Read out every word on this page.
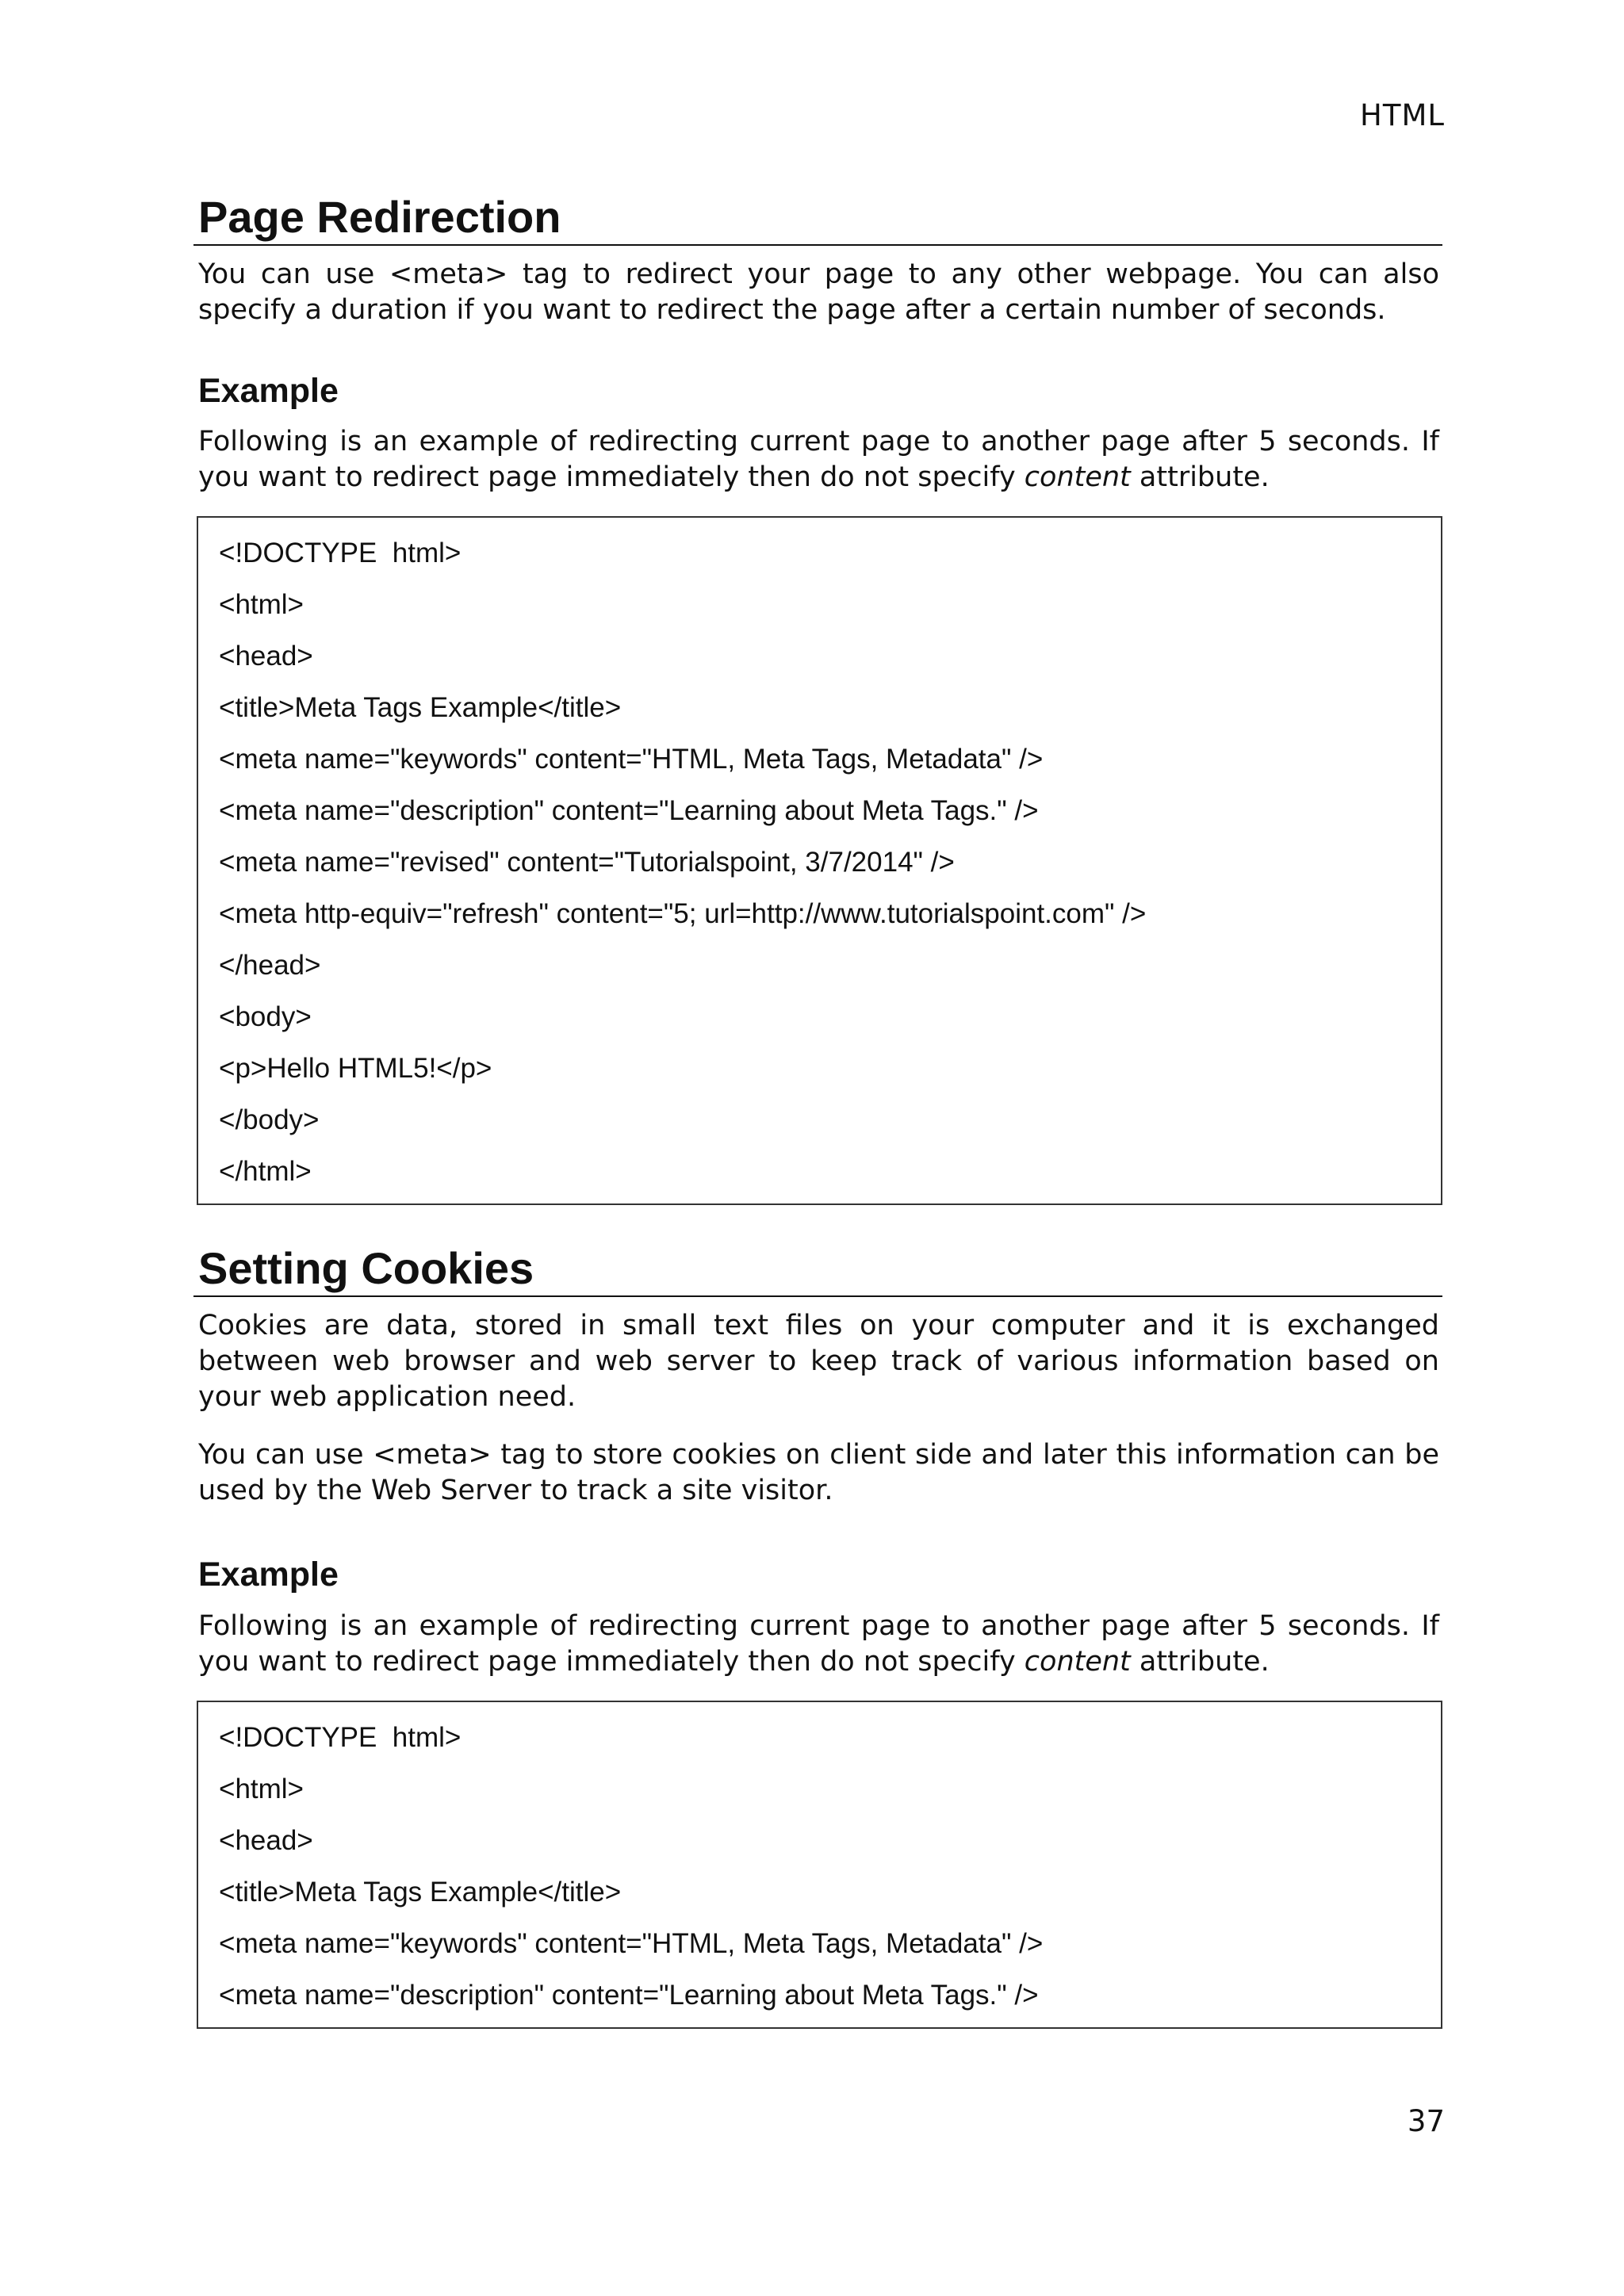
HTML
Page Redirection

You can use <meta> tag to redirect your page to any other webpage. You can also specify a duration if you want to redirect the page after a certain number of seconds.

Example

Following is an example of redirecting current page to another page after 5 seconds. If you want to redirect page immediately then do not specify content attribute.

<!DOCTYPE  html>
<html>
<head>
<title>Meta Tags Example</title>
<meta name="keywords" content="HTML, Meta Tags, Metadata" />
<meta name="description" content="Learning about Meta Tags." />
<meta name="revised" content="Tutorialspoint, 3/7/2014" />
<meta http-equiv="refresh" content="5; url=http://www.tutorialspoint.com" />
</head>
<body>
<p>Hello HTML5!</p>
</body>
</html>
Setting Cookies

Cookies are data, stored in small text files on your computer and it is exchanged between web browser and web server to keep track of various information based on your web application need.

You can use <meta> tag to store cookies on client side and later this information can be used by the Web Server to track a site visitor.

Example

Following is an example of redirecting current page to another page after 5 seconds. If you want to redirect page immediately then do not specify content attribute.

<!DOCTYPE  html>
<html>
<head>
<title>Meta Tags Example</title>
<meta name="keywords" content="HTML, Meta Tags, Metadata" />
<meta name="description" content="Learning about Meta Tags." />
37
